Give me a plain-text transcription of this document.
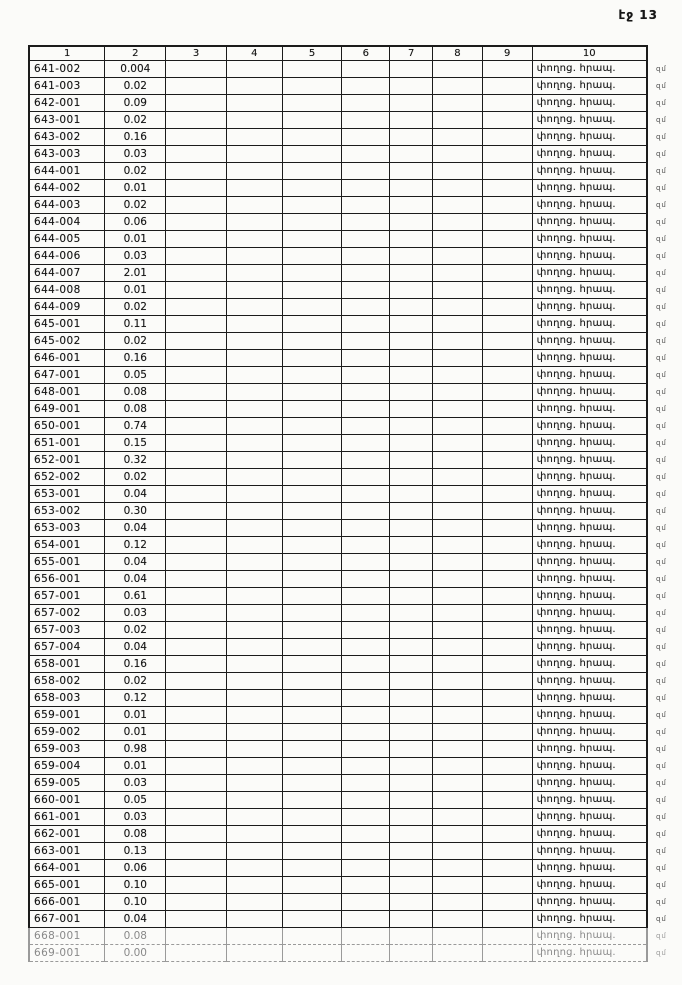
էջ 13
1	2	3	4	5	6	7	8	9	10	
641-002	0.004								փողոց. հրապ.	զմ
641-003	0.02								փողոց. հրապ.	զմ
642-001	0.09								փողոց. հրապ.	զմ
643-001	0.02								փողոց. հրապ.	զմ
643-002	0.16								փողոց. հրապ.	զմ
643-003	0.03								փողոց. հրապ.	զմ
644-001	0.02								փողոց. հրապ.	զմ
644-002	0.01								փողոց. հրապ.	զմ
644-003	0.02								փողոց. հրապ.	զմ
644-004	0.06								փողոց. հրապ.	զմ
644-005	0.01								փողոց. հրապ.	զմ
644-006	0.03								փողոց. հրապ.	զմ
644-007	2.01								փողոց. հրապ.	զմ
644-008	0.01								փողոց. հրապ.	զմ
644-009	0.02								փողոց. հրապ.	զմ
645-001	0.11								փողոց. հրապ.	զմ
645-002	0.02								փողոց. հրապ.	զմ
646-001	0.16								փողոց. հրապ.	զմ
647-001	0.05								փողոց. հրապ.	զմ
648-001	0.08								փողոց. հրապ.	զմ
649-001	0.08								փողոց. հրապ.	զմ
650-001	0.74								փողոց. հրապ.	զմ
651-001	0.15								փողոց. հրապ.	զմ
652-001	0.32								փողոց. հրապ.	զմ
652-002	0.02								փողոց. հրապ.	զմ
653-001	0.04								փողոց. հրապ.	զմ
653-002	0.30								փողոց. հրապ.	զմ
653-003	0.04								փողոց. հրապ.	զմ
654-001	0.12								փողոց. հրապ.	զմ
655-001	0.04								փողոց. հրապ.	զմ
656-001	0.04								փողոց. հրապ.	զմ
657-001	0.61								փողոց. հրապ.	զմ
657-002	0.03								փողոց. հրապ.	զմ
657-003	0.02								փողոց. հրապ.	զմ
657-004	0.04								փողոց. հրապ.	զմ
658-001	0.16								փողոց. հրապ.	զմ
658-002	0.02								փողոց. հրապ.	զմ
658-003	0.12								փողոց. հրապ.	զմ
659-001	0.01								փողոց. հրապ.	զմ
659-002	0.01								փողոց. հրապ.	զմ
659-003	0.98								փողոց. հրապ.	զմ
659-004	0.01								փողոց. հրապ.	զմ
659-005	0.03								փողոց. հրապ.	զմ
660-001	0.05								փողոց. հրապ.	զմ
661-001	0.03								փողոց. հրապ.	զմ
662-001	0.08								փողոց. հրապ.	զմ
663-001	0.13								փողոց. հրապ.	զմ
664-001	0.06								փողոց. հրապ.	զմ
665-001	0.10								փողոց. հրապ.	զմ
666-001	0.10								փողոց. հրապ.	զմ
667-001	0.04								փողոց. հրապ.	զմ
668-001	0.08								փողոց. հրապ.	զմ
669-001	0.00								փողոց. հրապ.	զմ
